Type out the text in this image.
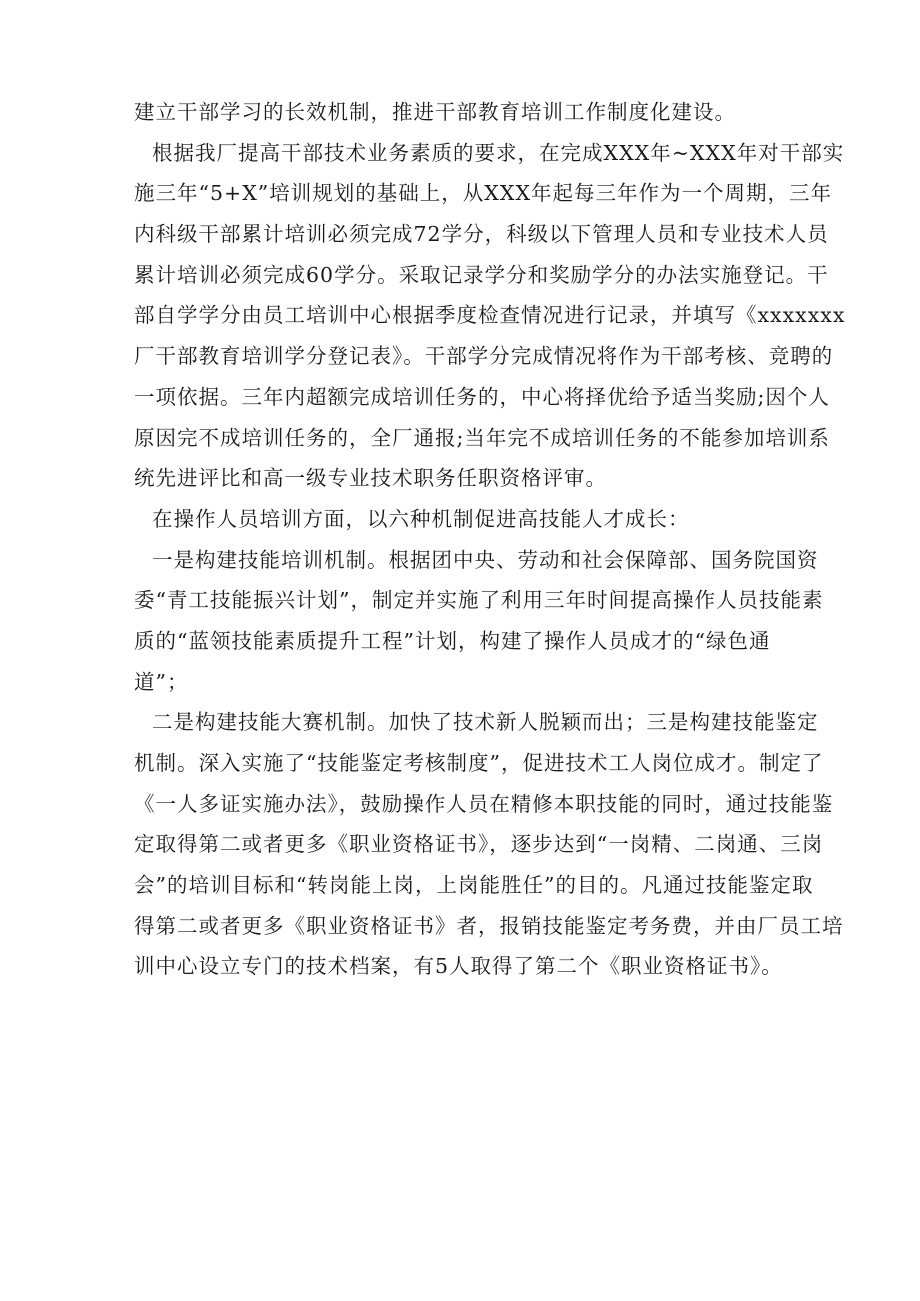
建立干部学习的长效机制，推进干部教育培训工作制度化建设。
根据我厂提高干部技术业务素质的要求，在完成XXX年~XXX年对干部实
施三年“5+X”培训规划的基础上，从XXX年起每三年作为一个周期，三年
内科级干部累计培训必须完成72学分，科级以下管理人员和专业技术人员
累计培训必须完成60学分。采取记录学分和奖励学分的办法实施登记。干
部自学学分由员工培训中心根据季度检查情况进行记录，并填写《xxxxxxx
厂干部教育培训学分登记表》。干部学分完成情况将作为干部考核、竞聘的
一项依据。三年内超额完成培训任务的，中心将择优给予适当奖励;因个人
原因完不成培训任务的，全厂通报;当年完不成培训任务的不能参加培训系
统先进评比和高一级专业技术职务任职资格评审。
在操作人员培训方面，以六种机制促进高技能人才成长：
一是构建技能培训机制。根据团中央、劳动和社会保障部、国务院国资
委“青工技能振兴计划”，制定并实施了利用三年时间提高操作人员技能素
质的“蓝领技能素质提升工程”计划，构建了操作人员成才的“绿色通
道”；
二是构建技能大赛机制。加快了技术新人脱颖而出；三是构建技能鉴定
机制。深入实施了“技能鉴定考核制度”，促进技术工人岗位成才。制定了
《一人多证实施办法》，鼓励操作人员在精修本职技能的同时，通过技能鉴
定取得第二或者更多《职业资格证书》，逐步达到“一岗精、二岗通、三岗
会”的培训目标和“转岗能上岗，上岗能胜任”的目的。凡通过技能鉴定取
得第二或者更多《职业资格证书》者，报销技能鉴定考务费，并由厂员工培
训中心设立专门的技术档案，有5人取得了第二个《职业资格证书》。
